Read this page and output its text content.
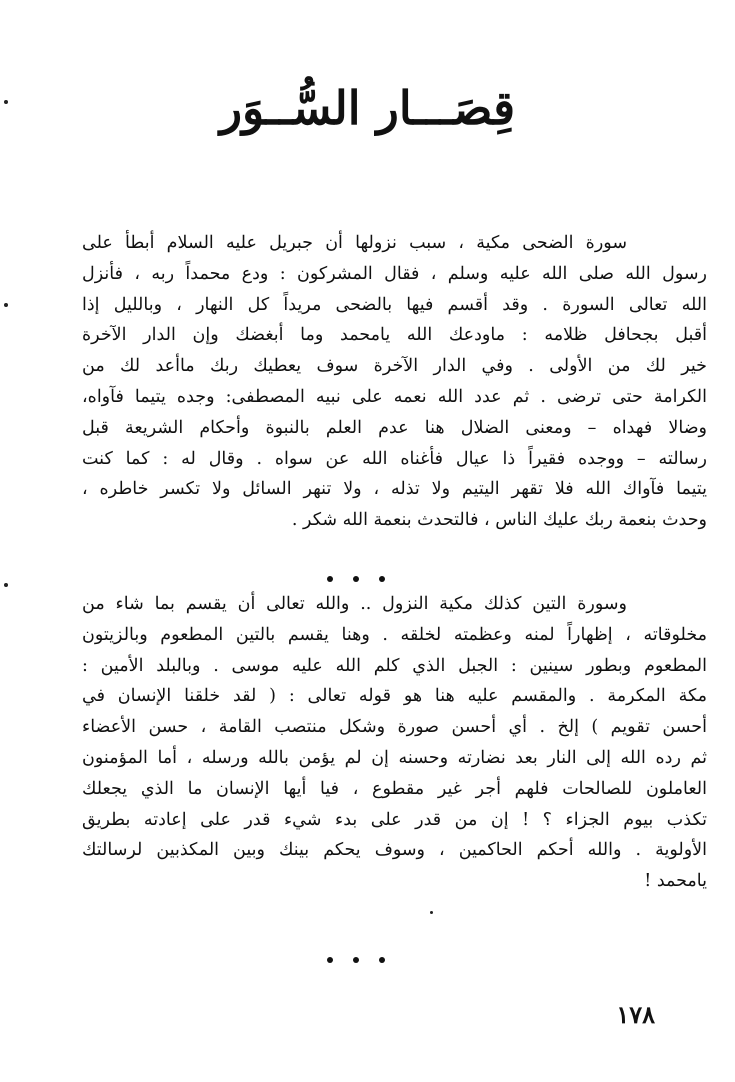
قِصَـــار السُّــوَر
سورة الضحى مكية ، سبب نزولها أن جبريل عليه السلام أبطأ على
رسول الله صلى الله عليه وسلم ، فقال المشركون : ودع محمداً ربه ، فأنزل
الله تعالى السورة . وقد أقسم فيها بالضحى مريداً كل النهار ، وبالليل إذا
أقبل بجحافل ظلامه : ماودعك الله يامحمد وما أبغضك وإن الدار الآخرة
خير لك من الأولى . وفي الدار الآخرة سوف يعطيك ربك ماأعد لك من
الكرامة حتى ترضى . ثم عدد الله نعمه على نبيه المصطفى: وجده يتيما فآواه،
وضالا فهداه – ومعنى الضلال هنا عدم العلم بالنبوة وأحكام الشريعة قبل
رسالته – ووجده فقيراً ذا عيال فأغناه الله عن سواه . وقال له : كما كنت
يتيما فآواك الله فلا تقهر اليتيم ولا تذله ، ولا تنهر السائل ولا تكسر خاطره ،
وحدث بنعمة ربك عليك الناس ، فالتحدث بنعمة الله شكر .
وسورة التين كذلك مكية النزول .. والله تعالى أن يقسم بما شاء من
مخلوقاته ، إظهاراً لمنه وعظمته لخلقه . وهنا يقسم بالتين المطعوم وبالزيتون
المطعوم وبطور سينين : الجبل الذي كلم الله عليه موسى . وبالبلد الأمين :
مكة المكرمة . والمقسم عليه هنا هو قوله تعالى : ( لقد خلقنا الإنسان في
أحسن تقويم ) إلخ . أي أحسن صورة وشكل منتصب القامة ، حسن الأعضاء
ثم رده الله إلى النار بعد نضارته وحسنه إن لم يؤمن بالله ورسله ، أما المؤمنون
العاملون للصالحات فلهم أجر غير مقطوع ، فيا أيها الإنسان ما الذي يجعلك
تكذب بيوم الجزاء ؟ ! إن من قدر على بدء شيء قدر على إعادته بطريق
الأولوية . والله أحكم الحاكمين ، وسوف يحكم بينك وبين المكذبين لرسالتك
يامحمد !
١٧٨
